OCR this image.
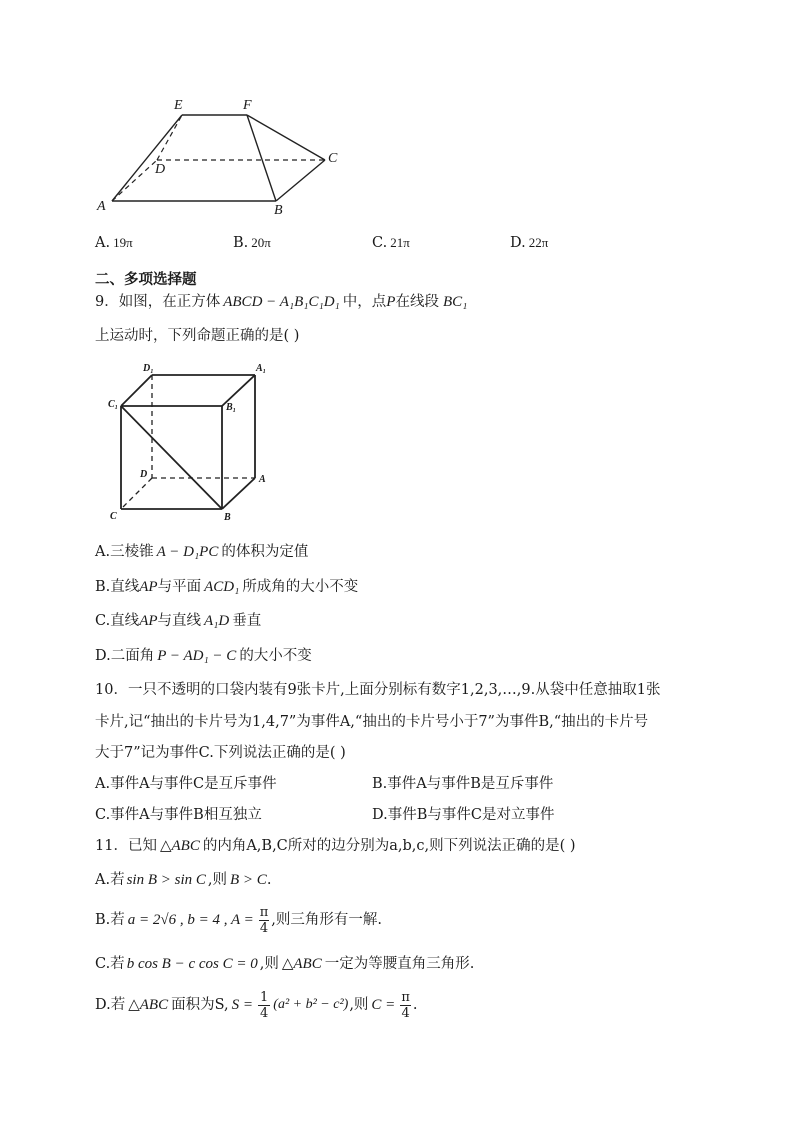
E	F
C
D
A	B
A. 19π	B. 20π	C. 21π	D. 22π
二、多项选择题
9．如图，在正方体 ABCD − A₁B₁C₁D₁ 中，点P在线段 BC₁
上运动时，下列命题正确的是( )
D₁	A₁
C₁	B₁
D	A
C	B
A.三棱锥 A − D₁PC 的体积为定值
B.直线AP与平面 ACD₁ 所成角的大小不变
C.直线AP与直线 A₁D 垂直
D.二面角 P − AD₁ − C 的大小不变
10．一只不透明的口袋内装有9张卡片,上面分别标有数字1,2,3,…,9.从袋中任意抽取1张
卡片,记“抽出的卡片号为1,4,7”为事件A,“抽出的卡片号小于7”为事件B,“抽出的卡片号
大于7”记为事件C.下列说法正确的是( )
A.事件A与事件C是互斥事件	B.事件A与事件B是互斥事件
C.事件A与事件B相互独立	D.事件B与事件C是对立事件
11．已知 △ABC 的内角A,B,C所对的边分别为a,b,c,则下列说法正确的是( )
A.若 sin B > sin C ,则 B > C.
B.若 a = 2√6 , b = 4 , $A = \frac{\pi}{4}$ ,则三角形有一解.
C.若 b cos B − c cos C = 0 ,则 △ABC 一定为等腰直角三角形.
D.若 △ABC 面积为S, $S = \frac{1}{4} (a^2 + b^2 - c^2)$ ,则 $C = \frac{\pi}{4}$ .
